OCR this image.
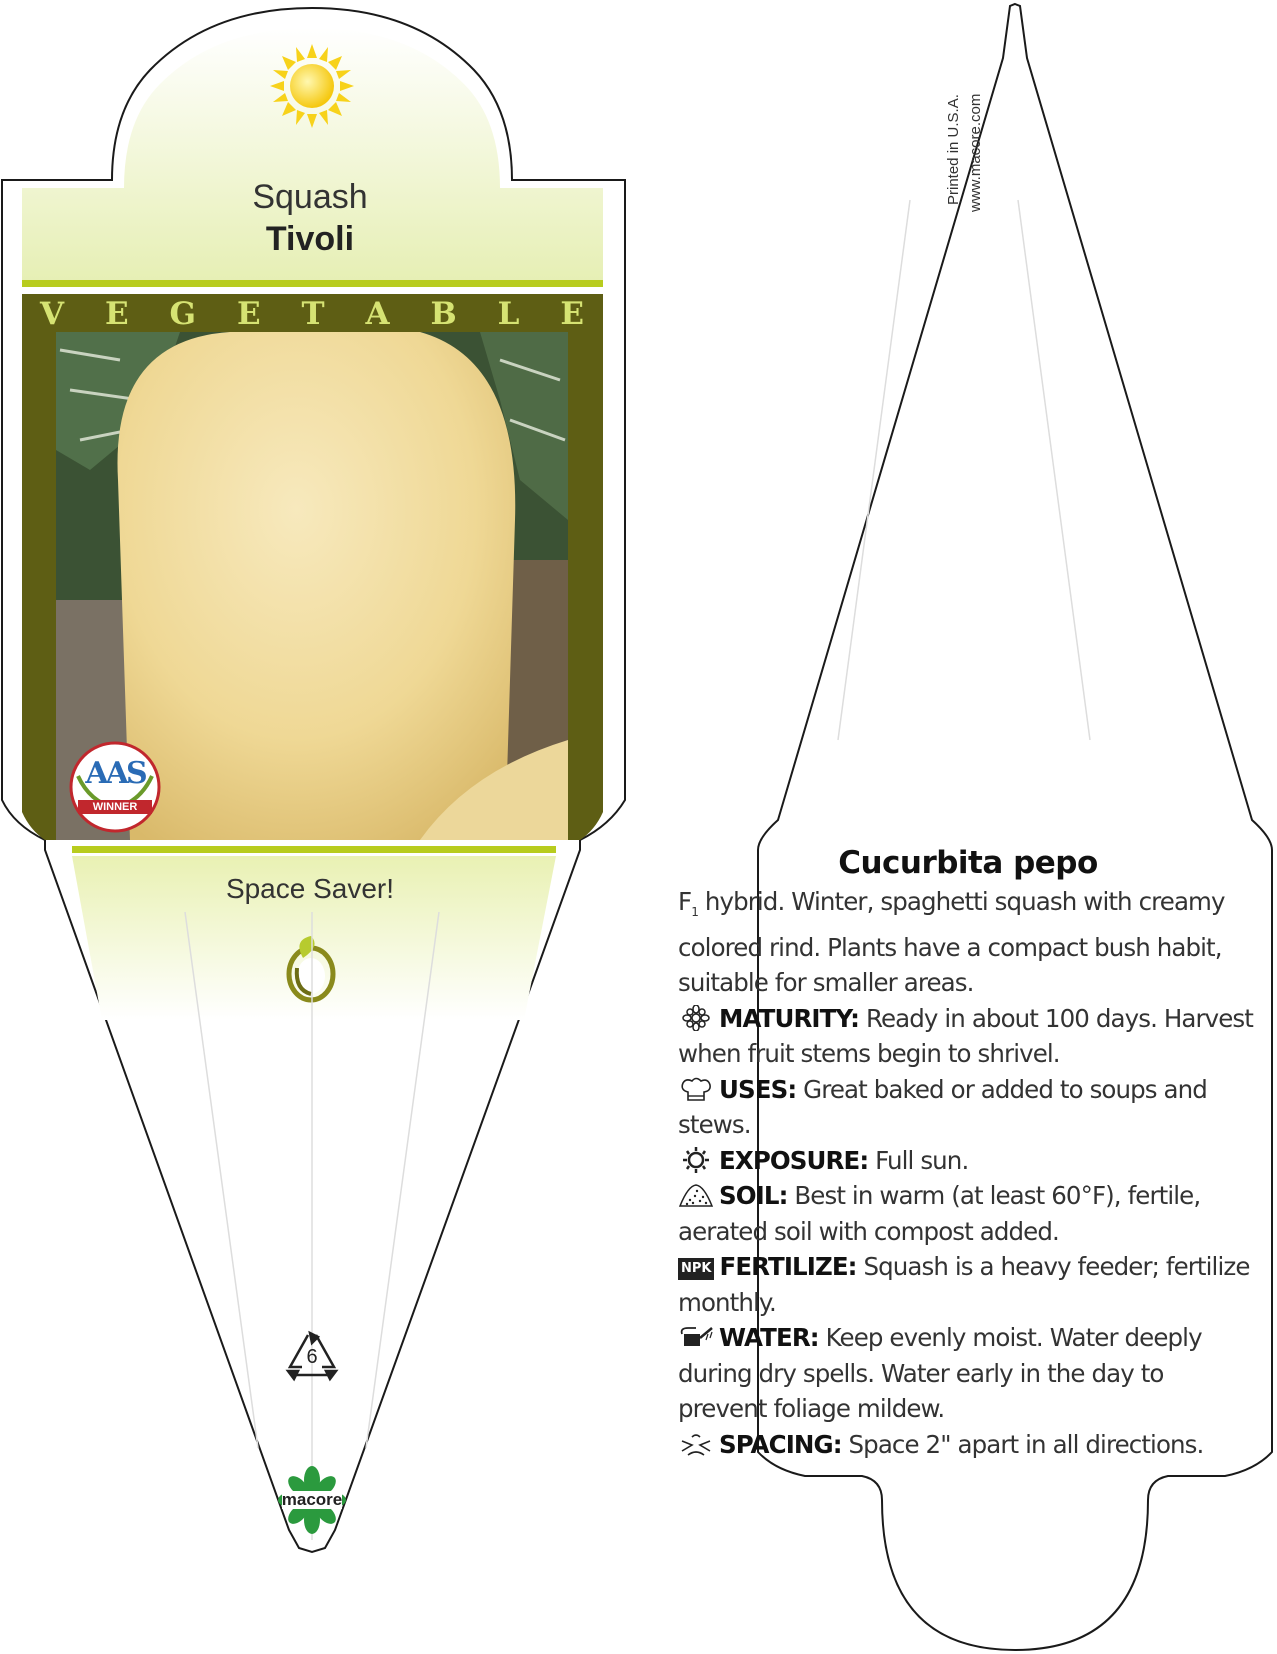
Squash
Tivoli
V E G E T A B L E
AAS
WINNER
Space Saver!
6
macore
Printed in U.S.A. www.macore.com
Cucurbita pepo

$F_1$ hybrid. Winter, spaghetti squash with creamy colored rind. Plants have a compact bush habit, suitable for smaller areas.

MATURITY: Ready in about 100 days. Harvest when fruit stems begin to shrivel.

USES: Great baked or added to soups and stews.

EXPOSURE: Full sun.

SOIL: Best in warm (at least 60°F), fertile, aerated soil with compost added.

NPK FERTILIZE: Squash is a heavy feeder; fertilize monthly.

WATER: Keep evenly moist. Water deeply during dry spells. Water early in the day to prevent foliage mildew.

SPACING: Space 2" apart in all directions.
